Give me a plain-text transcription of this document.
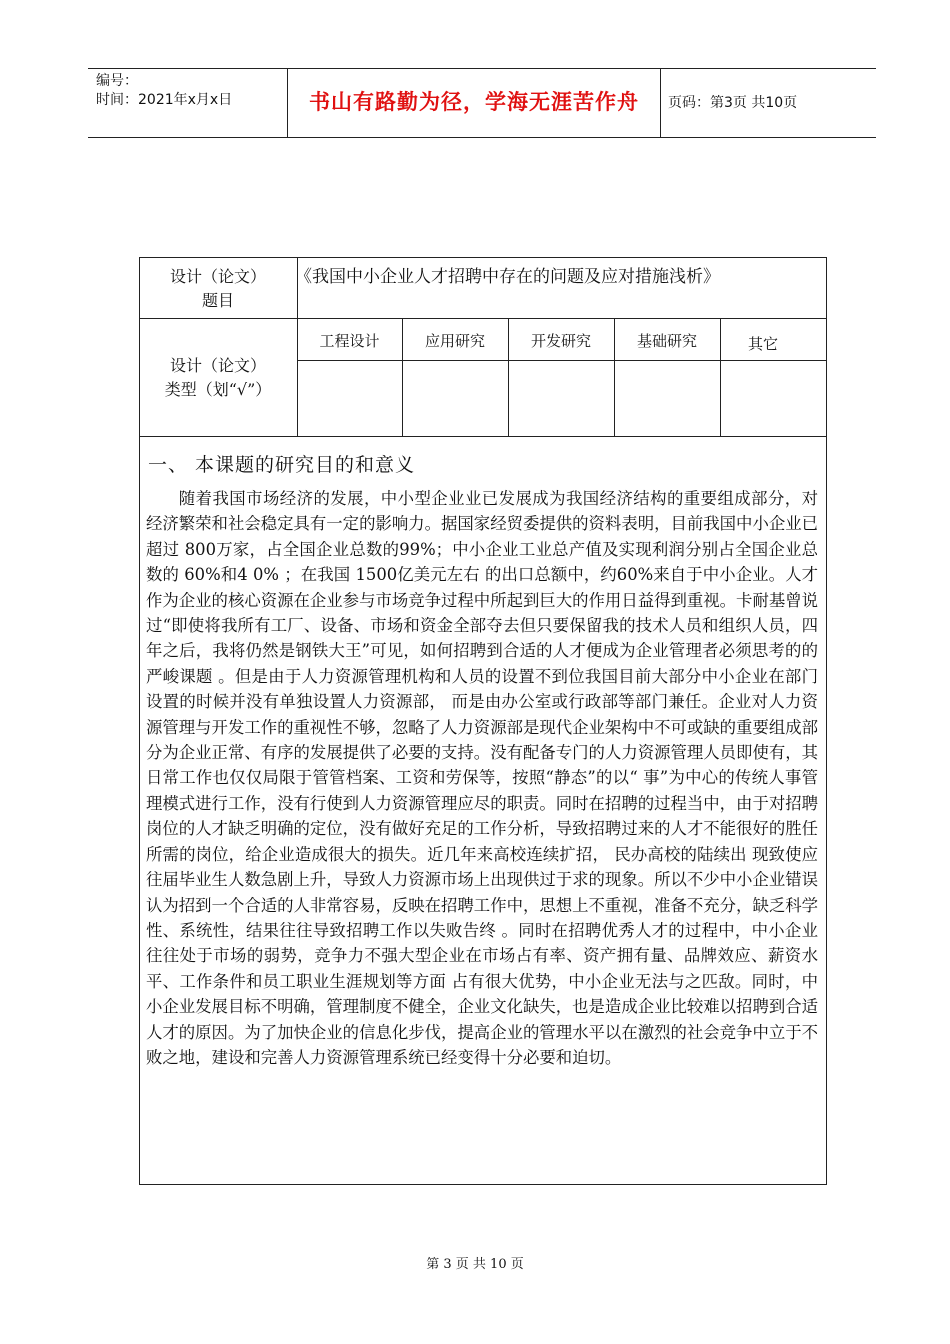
编号：
时间：2021年x月x日	书山有路勤为径，学海无涯苦作舟	页码：第3页 共10页
设计（论文）
题目
《我国中小企业人才招聘中存在的问题及应对措施浅析》
设计（论文）
类型（划“√”）
工程设计	应用研究	开发研究	基础研究	其它
一、 本课题的研究目的和意义

随着我国市场经济的发展，中小型企业业已发展成为我国经济结构的重要组成部分，对经济繁荣和社会稳定具有一定的影响力。据国家经贸委提供的资料表明，目前我国中小企业已超过 800万家，占全国企业总数的99%；中小企业工业总产值及实现利润分别占全国企业总数的 60%和4 0% ；在我国 1500亿美元左右 的出口总额中，约60%来自于中小企业。人才作为企业的核心资源在企业参与市场竞争过程中所起到巨大的作用日益得到重视。卡耐基曾说过“即使将我所有工厂、设备、市场和资金全部夺去但只要保留我的技术人员和组织人员，四年之后，我将仍然是钢铁大王”可见，如何招聘到合适的人才便成为企业管理者必须思考的的严峻课题 。但是由于人力资源管理机构和人员的设置不到位我国目前大部分中小企业在部门设置的时候并没有单独设置人力资源部， 而是由办公室或行政部等部门兼任。企业对人力资源管理与开发工作的重视性不够，忽略了人力资源部是现代企业架构中不可或缺的重要组成部分为企业正常、有序的发展提供了必要的支持。没有配备专门的人力资源管理人员即使有，其日常工作也仅仅局限于管管档案、工资和劳保等，按照“静态”的以“ 事”为中心的传统人事管理模式进行工作，没有行使到人力资源管理应尽的职责。同时在招聘的过程当中，由于对招聘岗位的人才缺乏明确的定位，没有做好充足的工作分析，导致招聘过来的人才不能很好的胜任所需的岗位，给企业造成很大的损失。近几年来高校连续扩招， 民办高校的陆续出 现致使应往届毕业生人数急剧上升，导致人力资源市场上出现供过于求的现象。所以不少中小企业错误认为招到一个合适的人非常容易，反映在招聘工作中，思想上不重视，准备不充分，缺乏科学性、系统性，结果往往导致招聘工作以失败告终 。同时在招聘优秀人才的过程中，中小企业往往处于市场的弱势，竞争力不强大型企业在市场占有率、资产拥有量、品牌效应、薪资水平、工作条件和员工职业生涯规划等方面 占有很大优势，中小企业无法与之匹敌。同时，中小企业发展目标不明确，管理制度不健全，企业文化缺失，也是造成企业比较难以招聘到合适人才的原因。为了加快企业的信息化步伐，提高企业的管理水平以在激烈的社会竞争中立于不败之地，建设和完善人力资源管理系统已经变得十分必要和迫切。

第 3 页 共 10 页
